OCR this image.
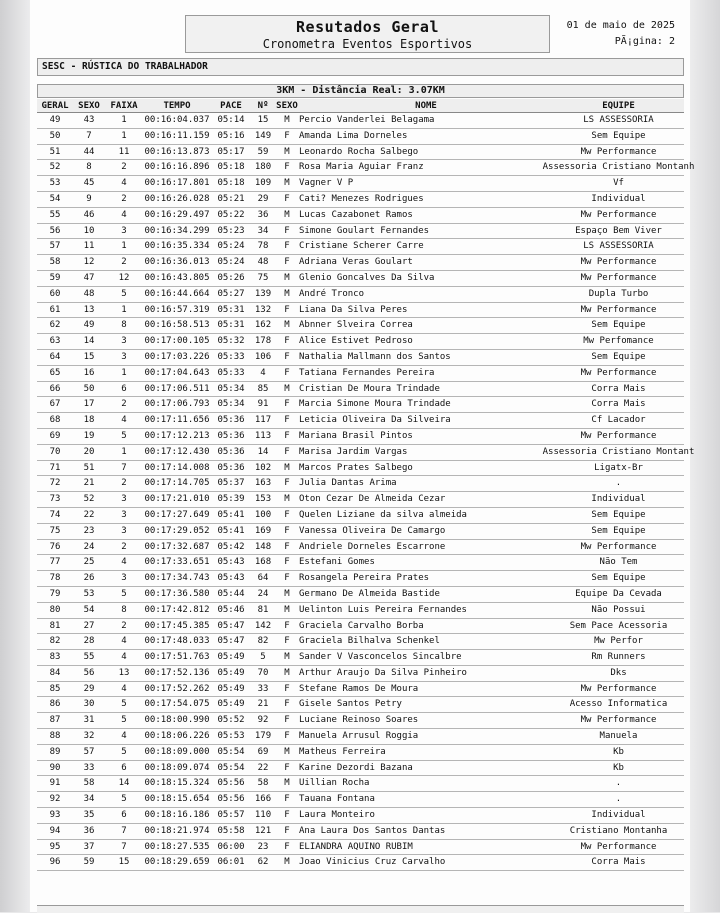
Resutados Geral
Cronometra Eventos Esportivos
01 de maio de 2025
PÃ¡gina: 2
SESC - RÚSTICA DO TRABALHADOR
3KM - Distância Real: 3.07KM
GERAL	SEXO	FAIXA	TEMPO	PACE	Nº SEXO	NOME	EQUIPE
49	43	1	00:16:04.037 05:14	15	M	Percio Vanderlei Belagama	LS ASSESSORIA
50	7	1	00:16:11.159 05:16	149	F	Amanda Lima Dorneles	Sem Equipe
51	44	11	00:16:13.873 05:17	59	M	Leonardo Rocha Salbego	Mw Performance
52	8	2	00:16:16.896 05:18	180	F	Rosa Maria Aguiar Franz	Assessoria Cristiano Montanh
53	45	4	00:16:17.801 05:18	109	M	Vagner V P	Vf
54	9	2	00:16:26.028 05:21	29	F	Cati? Menezes Rodrigues	Individual
55	46	4	00:16:29.497 05:22	36	M	Lucas Cazabonet Ramos	Mw Performance
56	10	3	00:16:34.299 05:23	34	F	Simone Goulart Fernandes	Espaço Bem Viver
57	11	1	00:16:35.334 05:24	78	F	Cristiane Scherer Carre	LS ASSESSORIA
58	12	2	00:16:36.013 05:24	48	F	Adriana Veras Goulart	Mw Performance
59	47	12	00:16:43.805 05:26	75	M	Glenio Goncalves Da Silva	Mw Performance
60	48	5	00:16:44.664 05:27	139	M	André Tronco	Dupla Turbo
61	13	1	00:16:57.319 05:31	132	F	Liana Da Silva Peres	Mw Performance
62	49	8	00:16:58.513 05:31	162	M	Abnner Slveira Correa	Sem Equipe
63	14	3	00:17:00.105 05:32	178	F	Alice Estivet Pedroso	Mw Perfomance
64	15	3	00:17:03.226 05:33	106	F	Nathalia Mallmann dos Santos	Sem Equipe
65	16	1	00:17:04.643 05:33	4	F	Tatiana Fernandes Pereira	Mw Performance
66	50	6	00:17:06.511 05:34	85	M	Cristian De Moura Trindade	Corra Mais
67	17	2	00:17:06.793 05:34	91	F	Marcia Simone Moura Trindade	Corra Mais
68	18	4	00:17:11.656 05:36	117	F	Leticia Oliveira Da Silveira	Cf Lacador
69	19	5	00:17:12.213 05:36	113	F	Mariana Brasil Pintos	Mw Performance
70	20	1	00:17:12.430 05:36	14	F	Marisa Jardim Vargas	Assessoria Cristiano Montant
71	51	7	00:17:14.008 05:36	102	M	Marcos Prates Salbego	Ligatx-Br
72	21	2	00:17:14.705 05:37	163	F	Julia Dantas Arima	.
73	52	3	00:17:21.010 05:39	153	M	Oton Cezar De Almeida Cezar	Individual
74	22	3	00:17:27.649 05:41	100	F	Quelen Liziane da silva almeida	Sem Equipe
75	23	3	00:17:29.052 05:41	169	F	Vanessa Oliveira De Camargo	Sem Equipe
76	24	2	00:17:32.687 05:42	148	F	Andriele Dorneles Escarrone	Mw Performance
77	25	4	00:17:33.651 05:43	168	F	Estefani Gomes	Não Tem
78	26	3	00:17:34.743 05:43	64	F	Rosangela Pereira Prates	Sem Equipe
79	53	5	00:17:36.580 05:44	24	M	Germano De Almeida Bastide	Equipe Da Cevada
80	54	8	00:17:42.812 05:46	81	M	Uelinton Luis Pereira Fernandes	Não Possui
81	27	2	00:17:45.385 05:47	142	F	Graciela Carvalho Borba	Sem Pace Acessoria
82	28	4	00:17:48.033 05:47	82	F	Graciela Bilhalva Schenkel	Mw Perfor
83	55	4	00:17:51.763 05:49	5	M	Sander V Vasconcelos Sincalbre	Rm Runners
84	56	13	00:17:52.136 05:49	70	M	Arthur Araujo Da Silva Pinheiro	Dks
85	29	4	00:17:52.262 05:49	33	F	Stefane Ramos De Moura	Mw Performance
86	30	5	00:17:54.075 05:49	21	F	Gisele Santos Petry	Acesso Informatica
87	31	5	00:18:00.990 05:52	92	F	Luciane Reinoso Soares	Mw Performance
88	32	4	00:18:06.226 05:53	179	F	Manuela Arrusul Roggia	Manuela
89	57	5	00:18:09.000 05:54	69	M	Matheus Ferreira	Kb
90	33	6	00:18:09.074 05:54	22	F	Karine Dezordi Bazana	Kb
91	58	14	00:18:15.324 05:56	58	M	Uillian Rocha	.
92	34	5	00:18:15.654 05:56	166	F	Tauana Fontana	.
93	35	6	00:18:16.186 05:57	110	F	Laura Monteiro	Individual
94	36	7	00:18:21.974 05:58	121	F	Ana Laura Dos Santos Dantas	Cristiano Montanha
95	37	7	00:18:27.535 06:00	23	F	ELIANDRA AQUINO RUBIM	Mw Performance
96	59	15	00:18:29.659 06:01	62	M	Joao Vinicius Cruz Carvalho	Corra Mais
